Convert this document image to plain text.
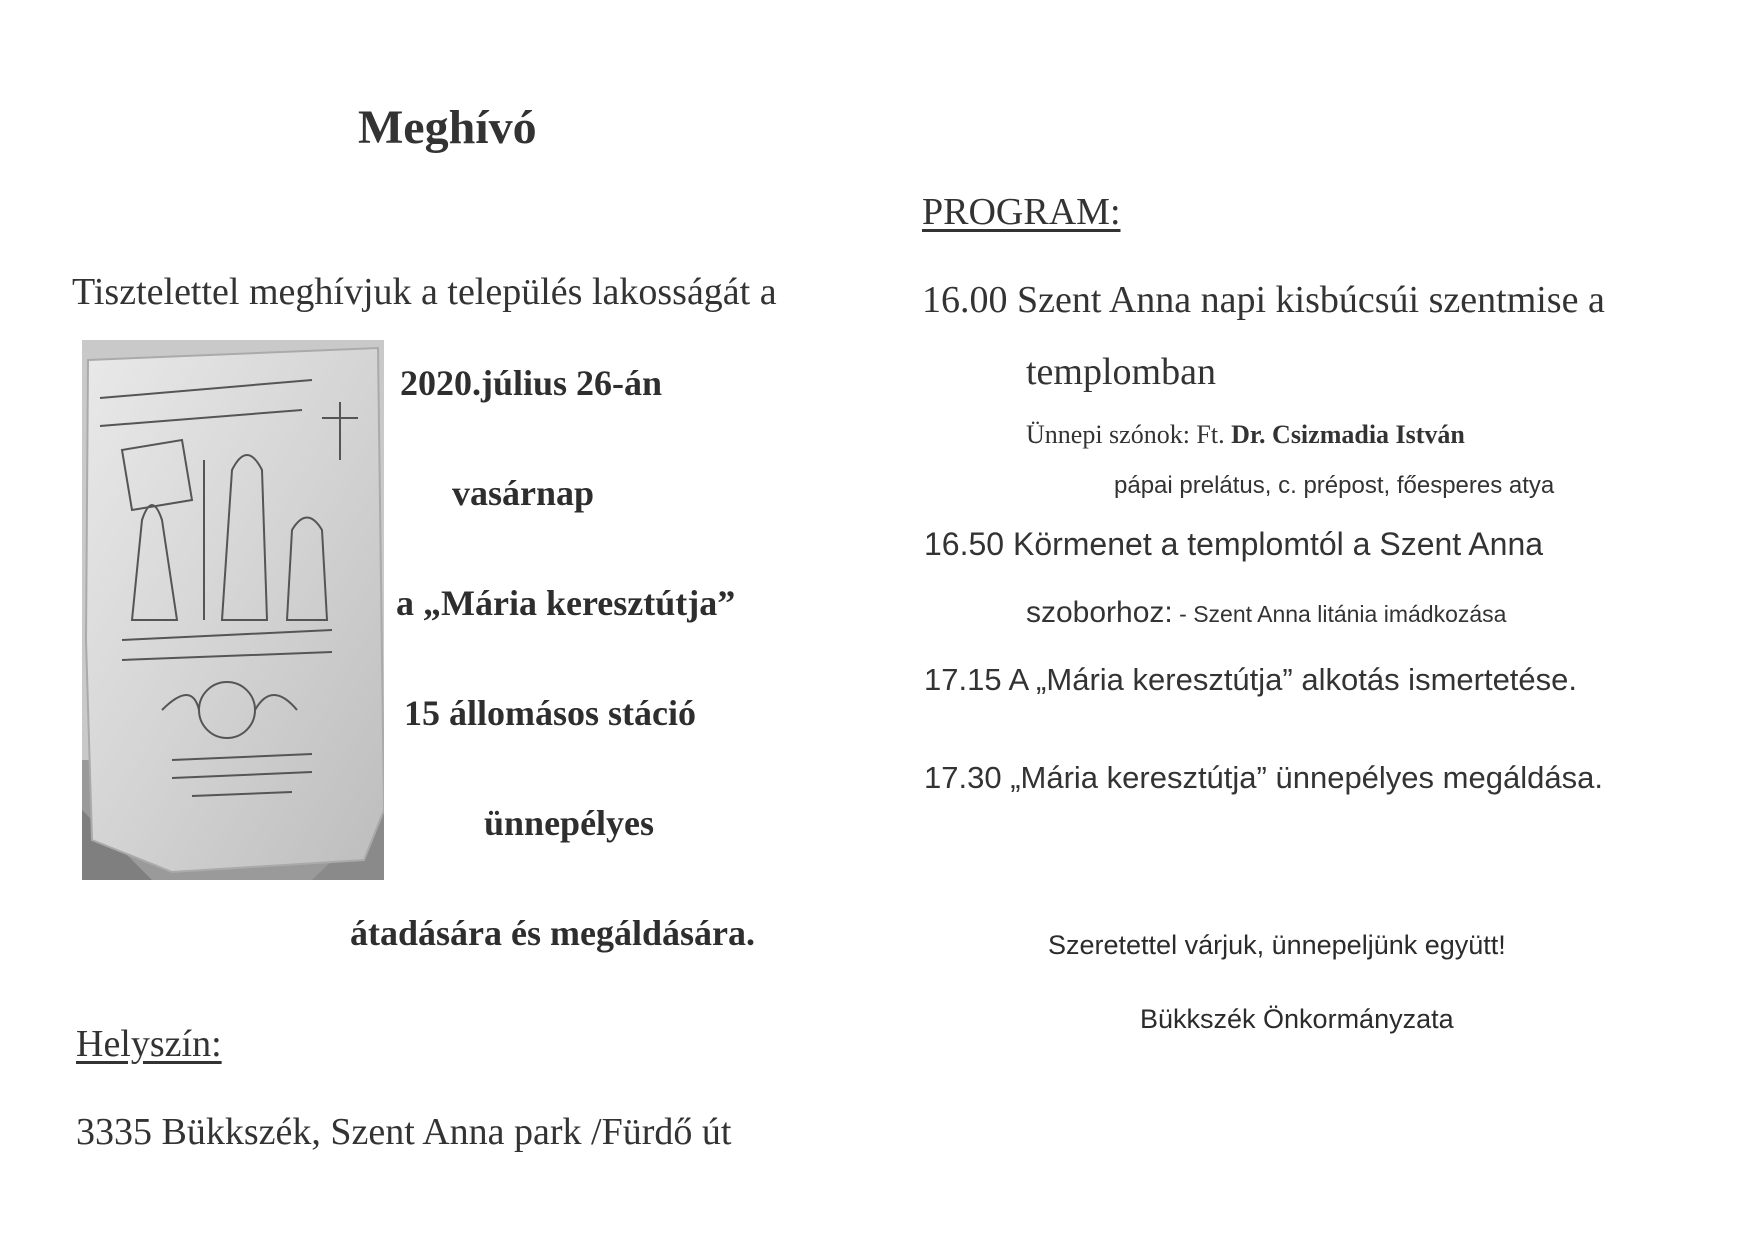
Meghívó
Tisztelettel meghívjuk a település lakosságát a
2020.július 26-án
vasárnap
a „Mária keresztútja”
15 állomásos stáció
ünnepélyes
átadására és megáldására.
Helyszín:
3335 Bükkszék, Szent Anna park /Fürdő út
PROGRAM:
16.00 Szent Anna napi kisbúcsúi szentmise a
templomban
Ünnepi szónok: Ft. Dr. Csizmadia István
pápai prelátus, c. prépost, főesperes atya
16.50 Körmenet a templomtól a Szent Anna
szoborhoz: - Szent Anna litánia imádkozása
17.15 A „Mária keresztútja” alkotás ismertetése.
17.30 „Mária keresztútja” ünnepélyes megáldása.
Szeretettel várjuk, ünnepeljünk együtt!
Bükkszék Önkormányzata
